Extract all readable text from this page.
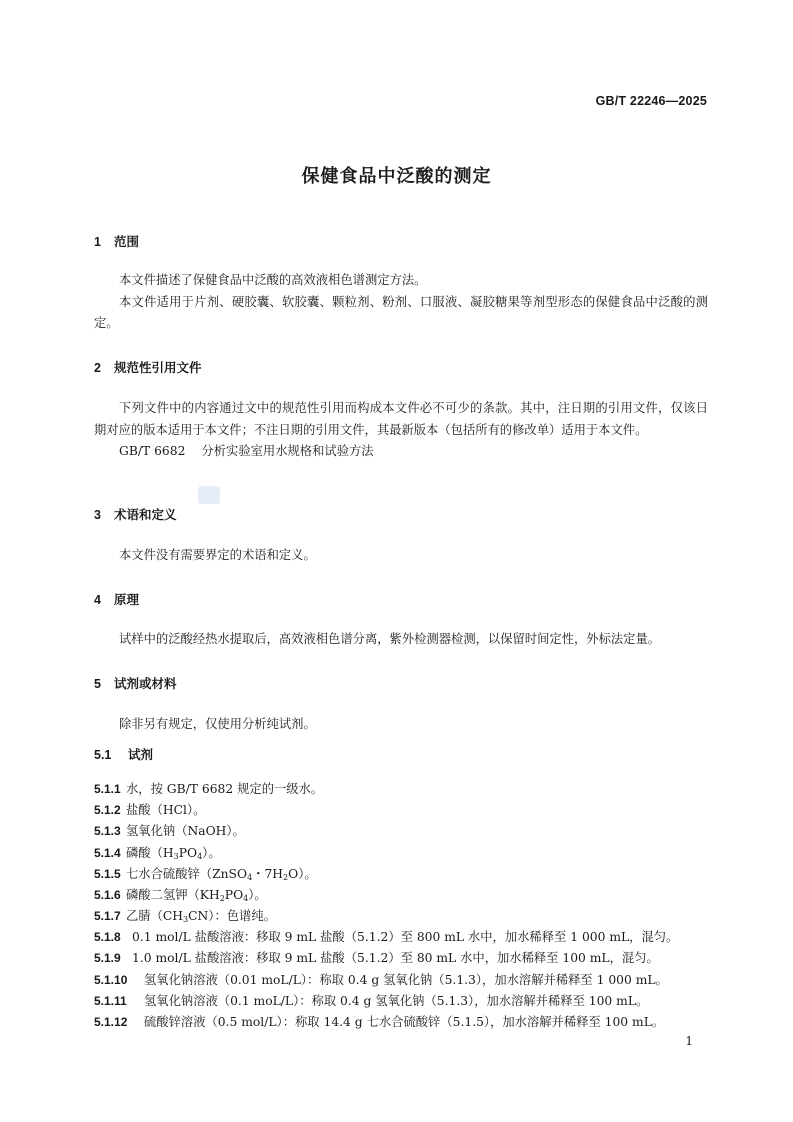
GB/T 22246—2025
保健食品中泛酸的测定
1 范围

本文件描述了保健食品中泛酸的高效液相色谱测定方法。

本文件适用于片剂、硬胶囊、软胶囊、颗粒剂、粉剂、口服液、凝胶糖果等剂型形态的保健食品中泛酸的测定。

2 规范性引用文件

下列文件中的内容通过文中的规范性引用而构成本文件必不可少的条款。其中，注日期的引用文件，仅该日期对应的版本适用于本文件；不注日期的引用文件，其最新版本（包括所有的修改单）适用于本文件。

GB/T 6682 分析实验室用水规格和试验方法

3 术语和定义
本文件没有需要界定的术语和定义。
4 原理
试样中的泛酸经热水提取后，高效液相色谱分离，紫外检测器检测，以保留时间定性，外标法定量。
5 试剂或材料
除非另有规定，仅使用分析纯试剂。
5.1 试剂
5.1.1 水，按 GB/T 6682 规定的一级水。
5.1.2 盐酸（HCl）。
5.1.3 氢氧化钠（NaOH）。
5.1.4 磷酸$(H_3PO_4)$。
5.1.5 七水合硫酸锌（ZnSO$_4$・$7H_2O$）。
5.1.6 磷酸二氢钾$(KH_2PO_4)$。
5.1.7 乙腈$(CH_3CN)$：色谱纯。
5.1.8 0.1 mol/L 盐酸溶液：移取 9 mL 盐酸（5.1.2）至 800 mL 水中，加水稀释至 1 000 mL，混匀。
5.1.9 1.0 mol/L 盐酸溶液：移取 9 mL 盐酸（5.1.2）至 80 mL 水中，加水稀释至 100 mL，混匀。
5.1.10 氢氧化钠溶液（0.01 moL/L）：称取 0.4 g 氢氧化钠（5.1.3），加水溶解并稀释至 1 000 mL。
5.1.11 氢氧化钠溶液（0.1 moL/L）：称取 0.4 g 氢氧化钠（5.1.3），加水溶解并稀释至 100 mL。
5.1.12 硫酸锌溶液（0.5 mol/L）：称取 14.4 g 七水合硫酸锌（5.1.5），加水溶解并稀释至 100 mL。
1
